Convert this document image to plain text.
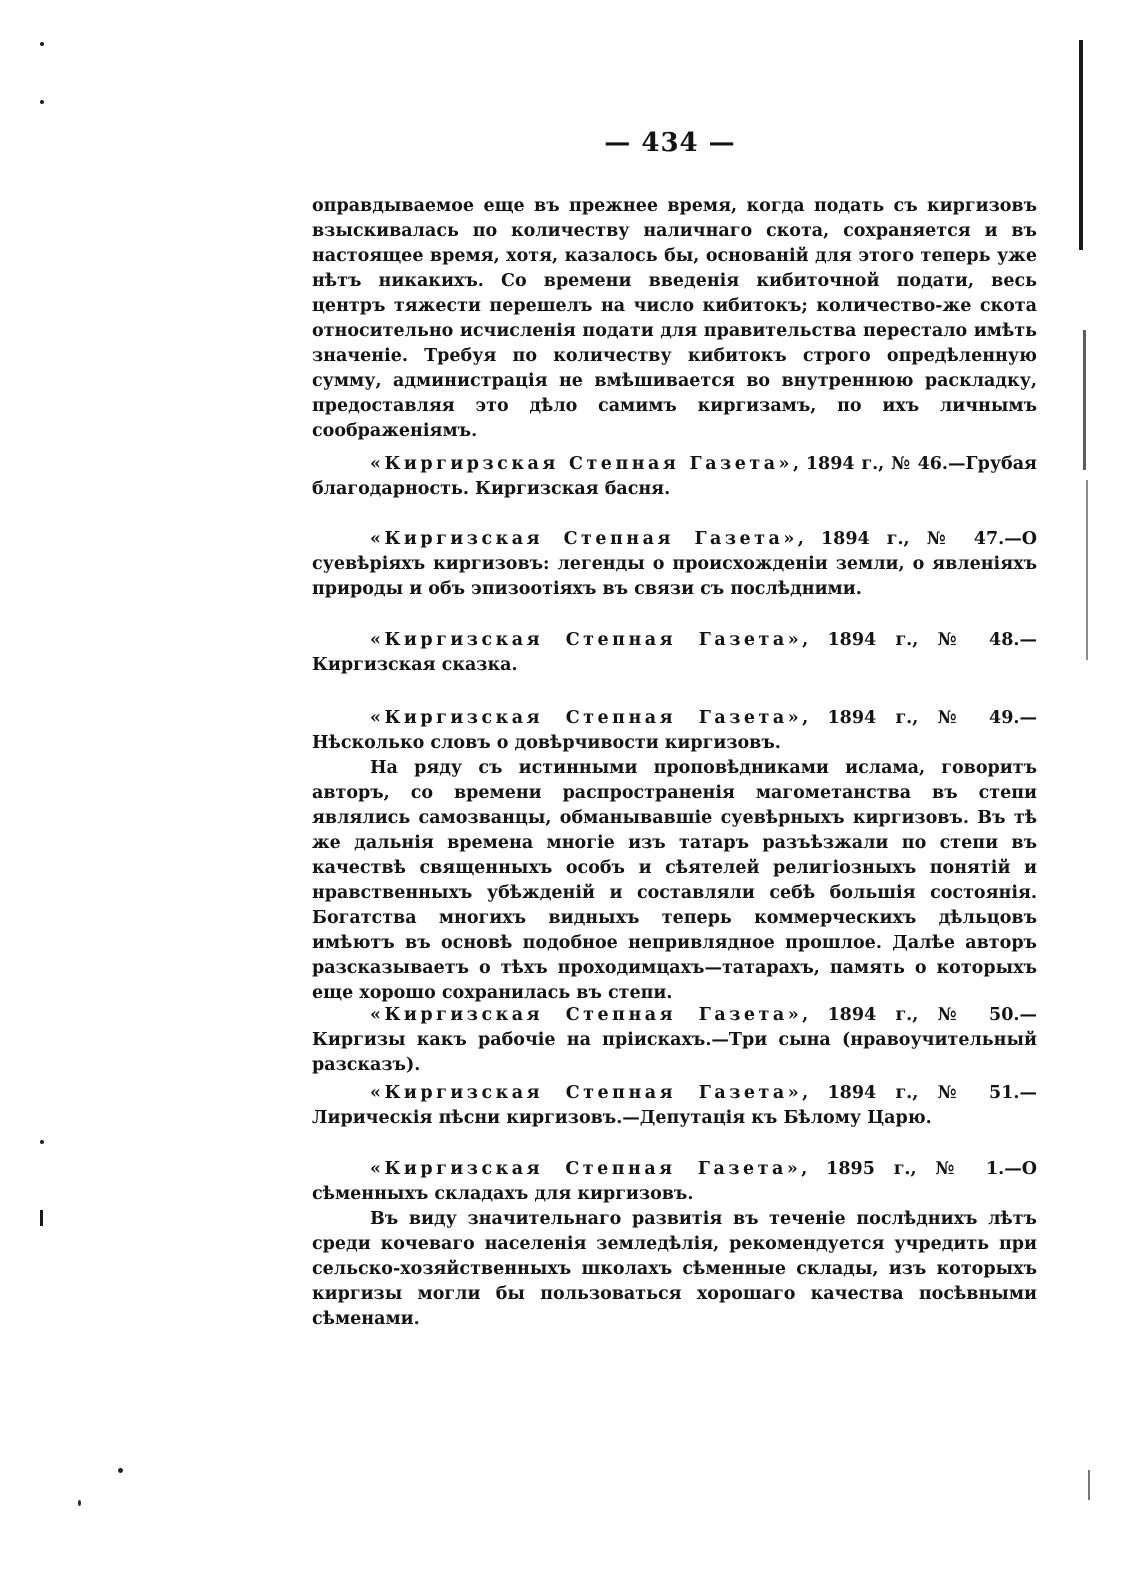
— 434 —

оправдываемое еще въ прежнее время, когда подать съ киргизовъ взыскивалась по количеству наличнаго скота, сохраняется и въ настоящее время, хотя, казалось бы, основаній для этого теперь уже нѣтъ никакихъ. Со времени введенія кибиточной подати, весь центръ тяжести перешелъ на число кибитокъ; количество-же скота относительно исчисленія подати для правительства перестало имѣть значеніе. Требуя по количеству кибитокъ строго опредѣленную сумму, администрація не вмѣшивается во внутреннюю раскладку, предоставляя это дѣло самимъ киргизамъ, по ихъ личнымъ соображеніямъ.

«Киргирзская Степная Газета», 1894 г., № 46.—Грубая благодарность. Киргизская басня.

«Киргизская Степная Газета», 1894 г., № 47.—О суевѣріяхъ киргизовъ: легенды о происхожденіи земли, о явленіяхъ природы и объ эпизоотіяхъ въ связи съ послѣдними.

«Киргизская Степная Газета», 1894 г., № 48.—Киргизская сказка.

«Киргизская Степная Газета», 1894 г., № 49.—Нѣсколько словъ о довѣрчивости киргизовъ.

На ряду съ истинными проповѣдниками ислама, говоритъ авторъ, со времени распространенія магометанства въ степи являлись самозванцы, обманывавшіе суевѣрныхъ киргизовъ. Въ тѣ же дальнія времена многіе изъ татаръ разъѣзжали по степи въ качествѣ священныхъ особъ и сѣятелей религіозныхъ понятій и нравственныхъ убѣжденій и составляли себѣ большія состоянія. Богатства многихъ видныхъ теперь коммерческихъ дѣльцовъ имѣютъ въ основѣ подобное непривлядное прошлое. Далѣе авторъ разсказываетъ о тѣхъ проходимцахъ—татарахъ, память о которыхъ еще хорошо сохранилась въ степи.

«Киргизская Степная Газета», 1894 г., № 50.—Киргизы какъ рабочіе на пріискахъ.—Три сына (нравоучительный разсказъ).

«Киргизская Степная Газета», 1894 г., № 51.—Лирическія пѣсни киргизовъ.—Депутація къ Бѣлому Царю.

«Киргизская Степная Газета», 1895 г., № 1.—О сѣменныхъ складахъ для киргизовъ.

Въ виду значительнаго развитія въ теченіе послѣднихъ лѣтъ среди кочеваго населенія земледѣлія, рекомендуется учредить при сельско-хозяйственныхъ школахъ сѣменные склады, изъ которыхъ киргизы могли бы пользоваться хорошаго качества посѣвными сѣменами.
